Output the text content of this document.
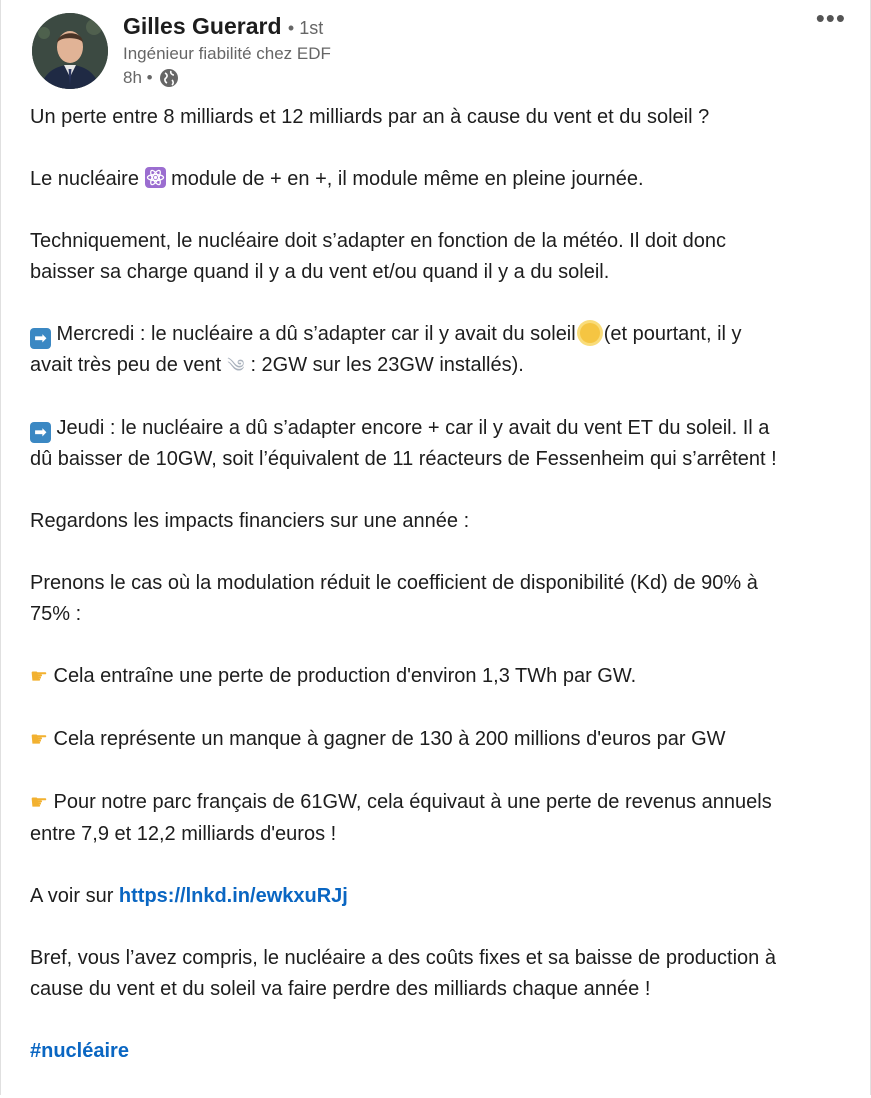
Gilles Guerard • 1st
Ingénieur fiabilité chez EDF
8h •
•••

Un perte entre 8 milliards et 12 milliards par an à cause du vent et du soleil ?

Le nucléaire  module de + en +, il module même en pleine journée.

Techniquement, le nucléaire doit s’adapter en fonction de la météo. Il doit donc
baisser sa charge quand il y a du vent et/ou quand il y a du soleil.

➡ Mercredi : le nucléaire a dû s’adapter car il y avait du soleil (et pourtant, il y
avait très peu de vent ༄ : 2GW sur les 23GW installés).

➡ Jeudi : le nucléaire a dû s’adapter encore + car il y avait du vent ET du soleil. Il a
dû baisser de 10GW, soit l’équivalent de 11 réacteurs de Fessenheim qui s’arrêtent !

Regardons les impacts financiers sur une année :

Prenons le cas où la modulation réduit le coefficient de disponibilité (Kd) de 90% à
75% :

☛ Cela entraîne une perte de production d'environ 1,3 TWh par GW.

☛ Cela représente un manque à gagner de 130 à 200 millions d'euros par GW

☛ Pour notre parc français de 61GW, cela équivaut à une perte de revenus annuels
entre 7,9 et 12,2 milliards d'euros !

A voir sur https://lnkd.in/ewkxuRJj

Bref, vous l’avez compris, le nucléaire a des coûts fixes et sa baisse de production à
cause du vent et du soleil va faire perdre des milliards chaque année !

#nucléaire
